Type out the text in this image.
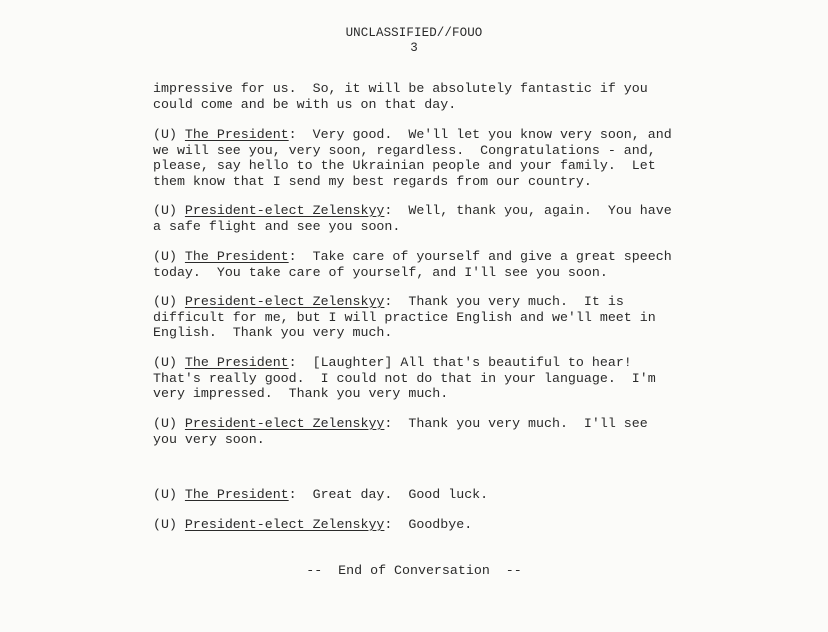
UNCLASSIFIED//FOUO
3
impressive for us.  So, it will be absolutely fantastic if you
could come and be with us on that day.
(U) The President:  Very good.  We'll let you know very soon, and
we will see you, very soon, regardless.  Congratulations - and,
please, say hello to the Ukrainian people and your family.  Let
them know that I send my best regards from our country.
(U) President-elect Zelenskyy:  Well, thank you, again.  You have
a safe flight and see you soon.
(U) The President:  Take care of yourself and give a great speech
today.  You take care of yourself, and I'll see you soon.
(U) President-elect Zelenskyy:  Thank you very much.  It is
difficult for me, but I will practice English and we'll meet in
English.  Thank you very much.
(U) The President:  [Laughter] All that's beautiful to hear!
That's really good.  I could not do that in your language.  I'm
very impressed.  Thank you very much.
(U) President-elect Zelenskyy:  Thank you very much.  I'll see
you very soon.
(U) The President:  Great day.  Good luck.
(U) President-elect Zelenskyy:  Goodbye.
--  End of Conversation  --
